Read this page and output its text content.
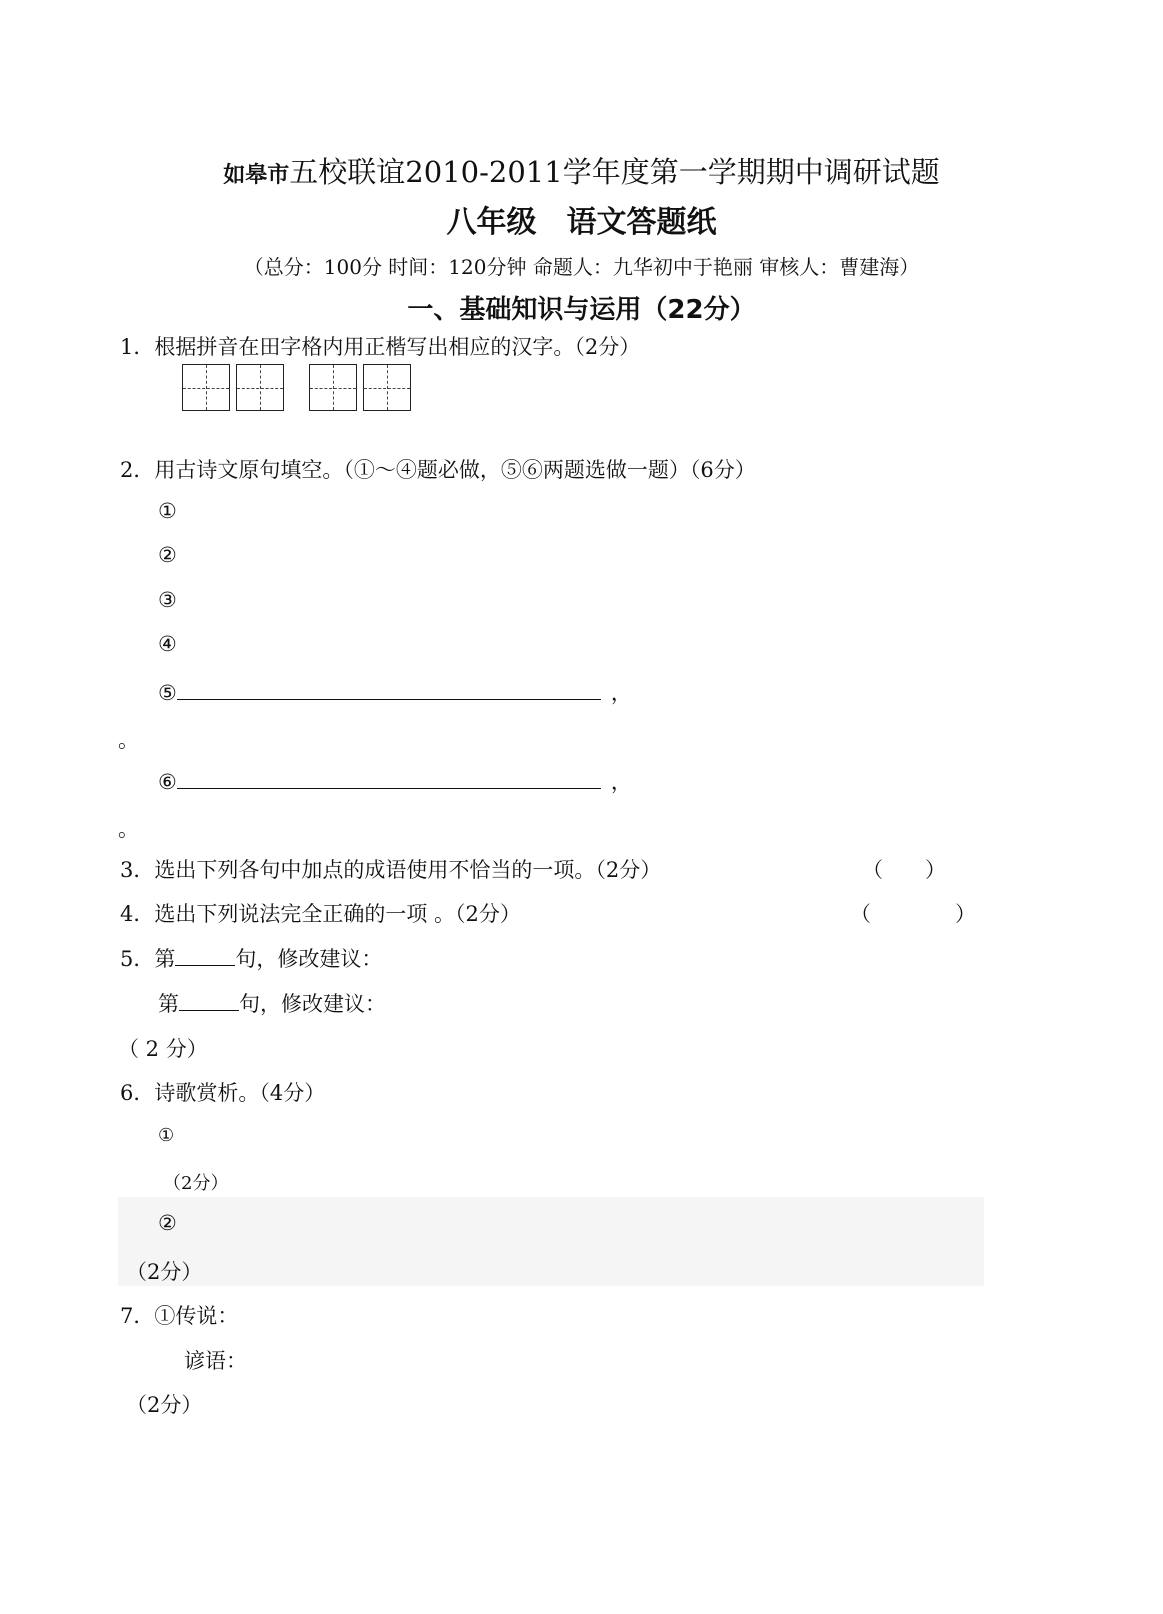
如皋市五校联谊2010-2011学年度第一学期期中调研试题
八年级　语文答题纸
（总分：100分 时间：120分钟 命题人：九华初中于艳丽 审核人：曹建海）
一、基础知识与运用（22分）
1．根据拼音在田字格内用正楷写出相应的汉字。（2分）
2．用古诗文原句填空。（①～④题必做，⑤⑥两题选做一题）（6分）
①
②
③
④
⑤	，
。
⑥	，
。
3．选出下列各句中加点的成语使用不恰当的一项。（2分）	（　　）
4．选出下列说法完全正确的一项 。（2分）	（　　　　）
5．第	句，修改建议：
第	句，修改建议：
（ 2 分）
6．诗歌赏析。（4分）
①
（2分）
②
（2分）
7．①传说：
谚语：
（2分）
